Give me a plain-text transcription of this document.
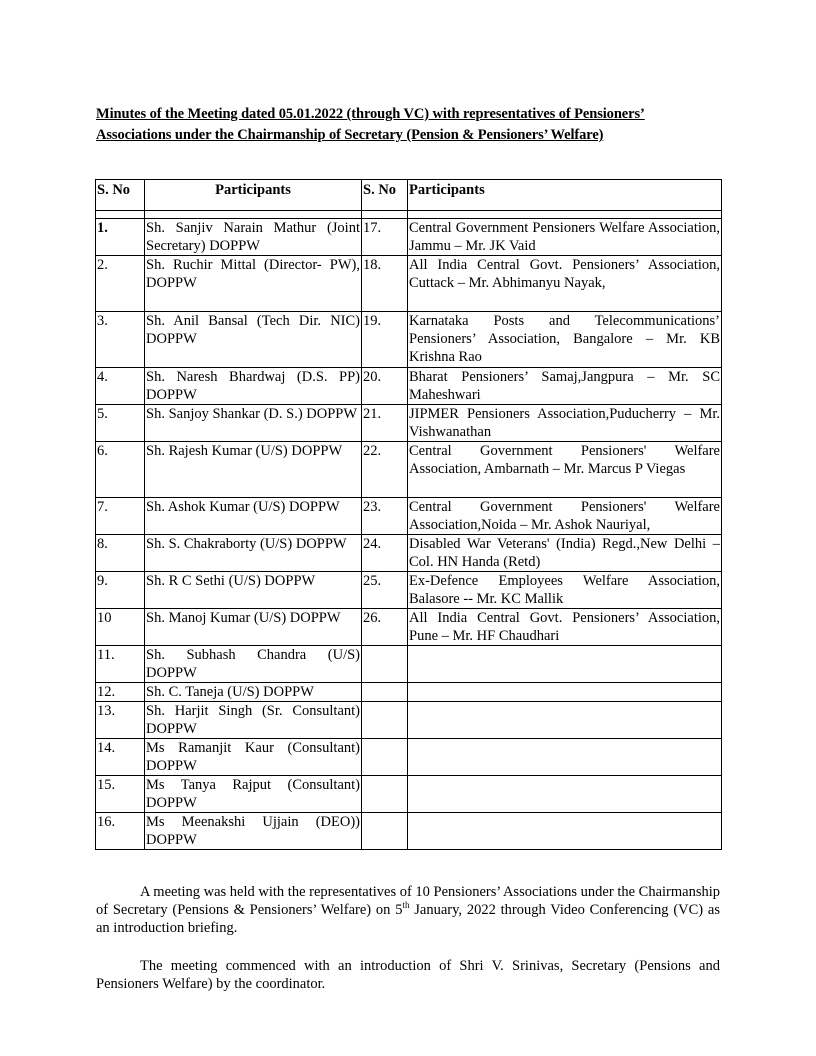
Minutes of the Meeting dated 05.01.2022 (through VC) with representatives of Pensioners’
Associations under the Chairmanship of Secretary (Pension & Pensioners’ Welfare)
S. No	Participants	S. No	Participants

1.	Sh. Sanjiv Narain Mathur (Joint Secretary) DOPPW	17.	Central Government Pensioners Welfare Association, Jammu – Mr. JK Vaid
2.	Sh. Ruchir Mittal (Director- PW), DOPPW	18.	All India Central Govt. Pensioners’ Association, Cuttack – Mr. Abhimanyu Nayak,
3.	Sh. Anil Bansal (Tech Dir. NIC) DOPPW	19.	Karnataka Posts and Telecommunications’ Pensioners’ Association, Bangalore – Mr. KB Krishna Rao
4.	Sh. Naresh Bhardwaj (D.S. PP) DOPPW	20.	Bharat Pensioners’ Samaj,Jangpura – Mr. SC Maheshwari
5.	Sh. Sanjoy Shankar (D. S.) DOPPW	21.	JIPMER Pensioners Association,Puducherry – Mr. Vishwanathan
6.	Sh. Rajesh Kumar (U/S) DOPPW	22.	Central Government Pensioners' Welfare Association, Ambarnath – Mr. Marcus P Viegas
7.	Sh. Ashok Kumar (U/S) DOPPW	23.	Central Government Pensioners' Welfare Association,Noida – Mr. Ashok Nauriyal,
8.	Sh. S. Chakraborty (U/S) DOPPW	24.	Disabled War Veterans' (India) Regd.,New Delhi – Col. HN Handa (Retd)
9.	Sh. R C Sethi (U/S) DOPPW	25.	Ex-Defence Employees Welfare Association, Balasore -- Mr. KC Mallik
10	Sh. Manoj Kumar (U/S) DOPPW	26.	All India Central Govt. Pensioners’ Association, Pune – Mr. HF Chaudhari
11.	Sh. Subhash Chandra (U/S) DOPPW		
12.	Sh. C. Taneja (U/S) DOPPW		
13.	Sh. Harjit Singh (Sr. Consultant) DOPPW		
14.	Ms Ramanjit Kaur (Consultant) DOPPW		
15.	Ms Tanya Rajput (Consultant) DOPPW		
16.	Ms Meenakshi Ujjain (DEO)) DOPPW		
A meeting was held with the representatives of 10 Pensioners’ Associations under the Chairmanship of Secretary (Pensions & Pensioners’ Welfare) on 5th January, 2022 through Video Conferencing (VC) as an introduction briefing.
The meeting commenced with an introduction of Shri V. Srinivas, Secretary (Pensions and Pensioners Welfare) by the coordinator.
